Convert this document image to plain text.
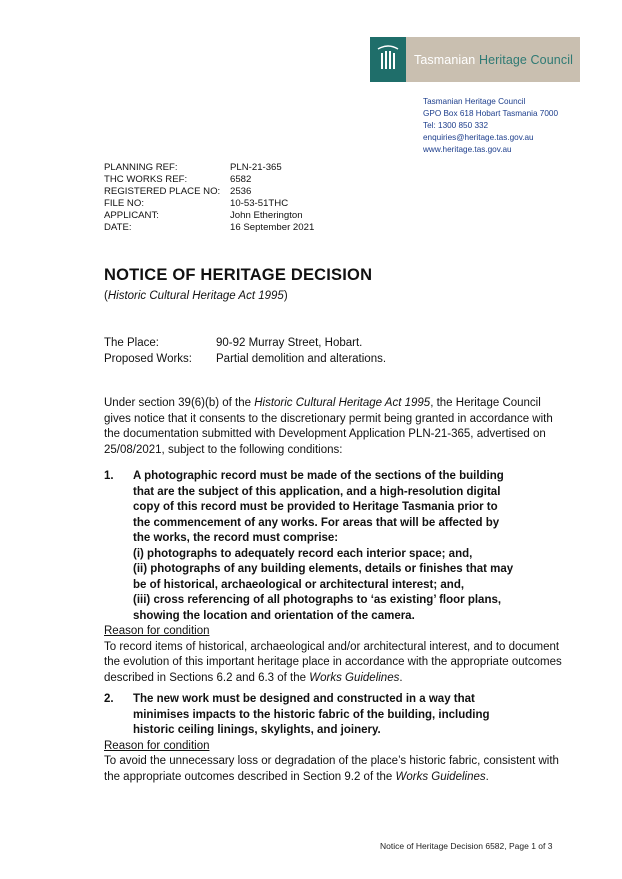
Tasmanian Heritage Council
Tasmanian Heritage Council
GPO Box 618 Hobart Tasmania 7000
Tel: 1300 850 332
enquiries@heritage.tas.gov.au
www.heritage.tas.gov.au
PLANNING REF:	PLN-21-365
THC WORKS REF:	6582
REGISTERED PLACE NO:	2536
FILE NO:	10-53-51THC
APPLICANT:	John Etherington
DATE:	16 September 2021
NOTICE OF HERITAGE DECISION
(Historic Cultural Heritage Act 1995)
The Place:	90-92 Murray Street, Hobart.
Proposed Works:	Partial demolition and alterations.
Under section 39(6)(b) of the Historic Cultural Heritage Act 1995, the Heritage Council gives notice that it consents to the discretionary permit being granted in accordance with the documentation submitted with Development Application PLN-21-365, advertised on 25/08/2021, subject to the following conditions:
1.	A photographic record must be made of the sections of the building
that are the subject of this application, and a high-resolution digital
copy of this record must be provided to Heritage Tasmania prior to
the commencement of any works. For areas that will be affected by
the works, the record must comprise:
(i) photographs to adequately record each interior space; and,
(ii) photographs of any building elements, details or finishes that may
be of historical, archaeological or architectural interest; and,
(iii) cross referencing of all photographs to ‘as existing’ floor plans,
showing the location and orientation of the camera.
Reason for condition
To record items of historical, archaeological and/or architectural interest, and to document the evolution of this important heritage place in accordance with the appropriate outcomes described in Sections 6.2 and 6.3 of the Works Guidelines.
2.	The new work must be designed and constructed in a way that
minimises impacts to the historic fabric of the building, including
historic ceiling linings, skylights, and joinery.
Reason for condition
To avoid the unnecessary loss or degradation of the place’s historic fabric, consistent with the appropriate outcomes described in Section 9.2 of the Works Guidelines.
Notice of Heritage Decision 6582, Page 1 of 3
